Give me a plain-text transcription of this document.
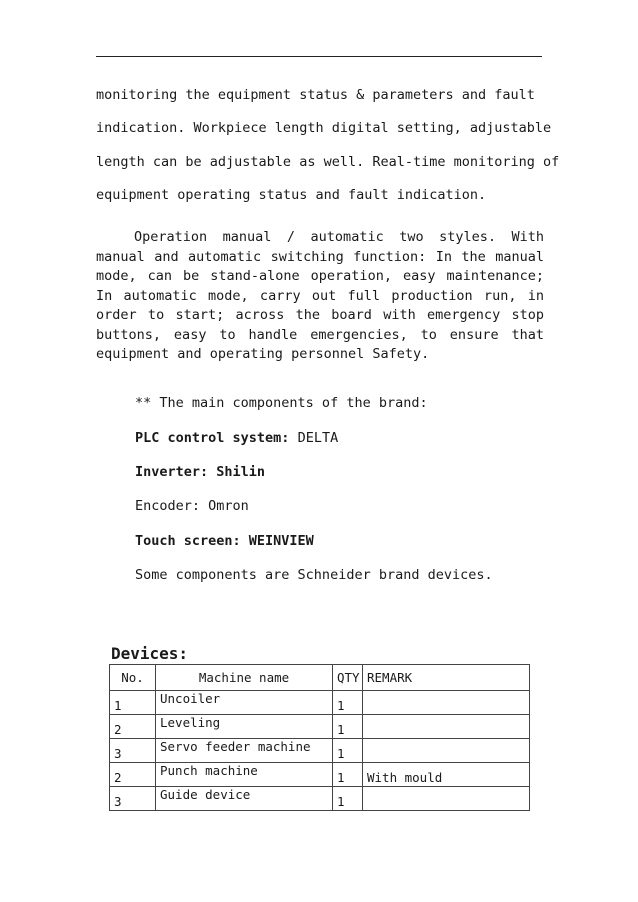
monitoring the equipment status & parameters and fault
indication. Workpiece length digital setting, adjustable
length can be adjustable as well. Real-time monitoring of
equipment operating status and fault indication.
Operation manual / automatic two styles. With manual and automatic switching function: In the manual mode, can be stand-alone operation, easy maintenance; In automatic mode, carry out full production run, in order to start; across the board with emergency stop buttons, easy to handle emergencies, to ensure that equipment and operating personnel Safety.
** The main components of the brand:
PLC control system: DELTA
Inverter: Shilin
Encoder: Omron
Touch screen: WEINVIEW
Some components are Schneider brand devices.
Devices:
No.	Machine name	QTY	REMARK
1	Uncoiler	1	
2	Leveling	1	
3	Servo feeder machine	1	
2	Punch machine	1	With mould
3	Guide device	1	
